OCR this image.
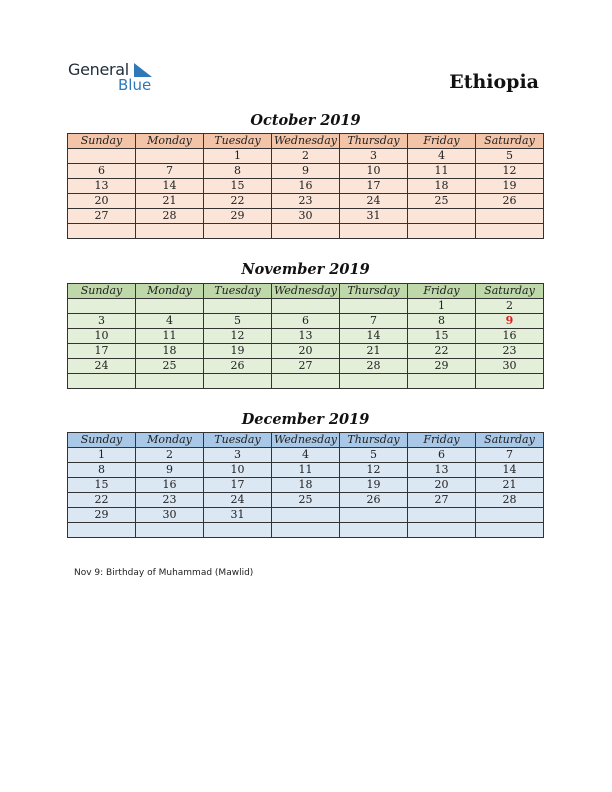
General
Blue	Ethiopia
October 2019
Sunday	Monday	Tuesday	Wednesday	Thursday	Friday	Saturday
		1	2	3	4	5
6	7	8	9	10	11	12
13	14	15	16	17	18	19
20	21	22	23	24	25	26
27	28	29	30	31		

November 2019
Sunday	Monday	Tuesday	Wednesday	Thursday	Friday	Saturday
					1	2
3	4	5	6	7	8	9
10	11	12	13	14	15	16
17	18	19	20	21	22	23
24	25	26	27	28	29	30

December 2019
Sunday	Monday	Tuesday	Wednesday	Thursday	Friday	Saturday
1	2	3	4	5	6	7
8	9	10	11	12	13	14
15	16	17	18	19	20	21
22	23	24	25	26	27	28
29	30	31				

Nov 9: Birthday of Muhammad (Mawlid)
